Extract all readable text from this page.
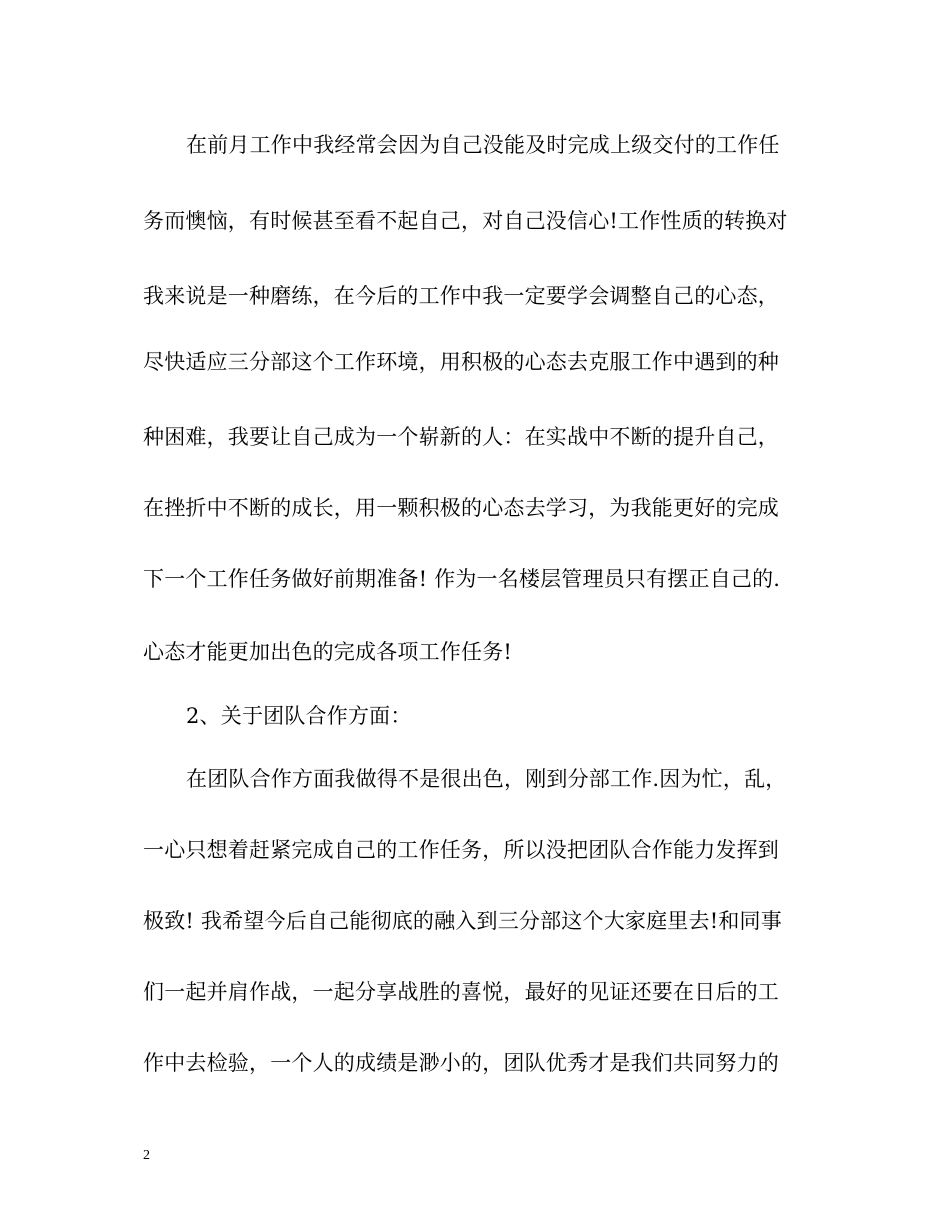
在前月工作中我经常会因为自己没能及时完成上级交付的工作任
务而懊恼，有时候甚至看不起自己，对自己没信心!工作性质的转换对
我来说是一种磨练，在今后的工作中我一定要学会调整自己的心态，
尽快适应三分部这个工作环境，用积极的心态去克服工作中遇到的种
种困难，我要让自己成为一个崭新的人：在实战中不断的提升自己，
在挫折中不断的成长，用一颗积极的心态去学习，为我能更好的完成
下一个工作任务做好前期准备! 作为一名楼层管理员只有摆正自己的.
心态才能更加出色的完成各项工作任务!
2、关于团队合作方面：
在团队合作方面我做得不是很出色，刚到分部工作.因为忙，乱，
一心只想着赶紧完成自己的工作任务，所以没把团队合作能力发挥到
极致! 我希望今后自己能彻底的融入到三分部这个大家庭里去!和同事
们一起并肩作战，一起分享战胜的喜悦，最好的见证还要在日后的工
作中去检验，一个人的成绩是渺小的，团队优秀才是我们共同努力的
2
